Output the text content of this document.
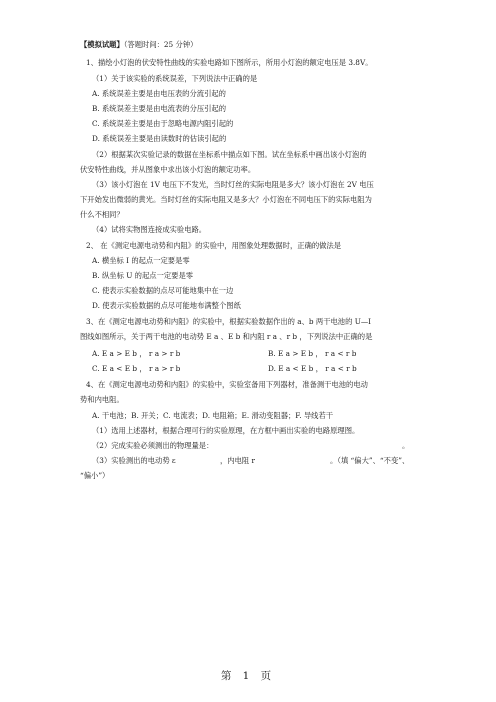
【模拟试题】（答题时间：25 分钟）
1、描绘小灯泡的伏安特性曲线的实验电路如下图所示，所用小灯泡的额定电压是 3.8V。
（1）关于该实验的系统误差，下列说法中正确的是
A. 系统误差主要是由电压表的分流引起的
B. 系统误差主要是由电流表的分压引起的
C. 系统误差主要是由于忽略电源内阻引起的
D. 系统误差主要是由读数时的估读引起的
（2）根据某次实验记录的数据在坐标系中描点如下图。试在坐标系中画出该小灯泡的
伏安特性曲线，并从图象中求出该小灯泡的额定功率。
（3）该小灯泡在 1V 电压下不发光，当时灯丝的实际电阻是多大？该小灯泡在 2V 电压
下开始发出微弱的黄光。当时灯丝的实际电阻又是多大？小灯泡在不同电压下的实际电阻为
什么不相同？
（4）试将实物图连接成实验电路。
2、 在《测定电源电动势和内阻》的实验中，用图象处理数据时，正确的做法是
A. 横坐标 I 的起点一定要是零
B. 纵坐标 U 的起点一定要是零
C. 使表示实验数据的点尽可能地集中在一边
D. 使表示实验数据的点尽可能地布满整个图纸
3、在《测定电源电动势和内阻》的实验中，根据实验数据作出的 a、b 两干电池的 U—I
图线如图所示，关于两干电池的电动势 E a 、E b 和内阻 r a 、r b ，下列说法中正确的是
A. E a > E b ， r a > r b	B. E a > E b ， r a < r b
C. E a < E b ， r a > r b	D. E a < E b ， r a < r b
4、在《测定电源电动势和内阻》的实验中，实验室备用下列器材，准备测干电池的电动
势和内电阻。
A. 干电池；B. 开关；C. 电流表；D. 电阻箱；E. 滑动变阻器；F. 导线若干
（1）选用上述器材，根据合理可行的实验原理，在方框中画出实验的电路原理图。
（2）完成实验必须测出的物理量是：	。
（3）实验测出的电动势 ε	，内电阻 r	。（填 “偏大”、“不变”、
“偏小”）
第 1 页
